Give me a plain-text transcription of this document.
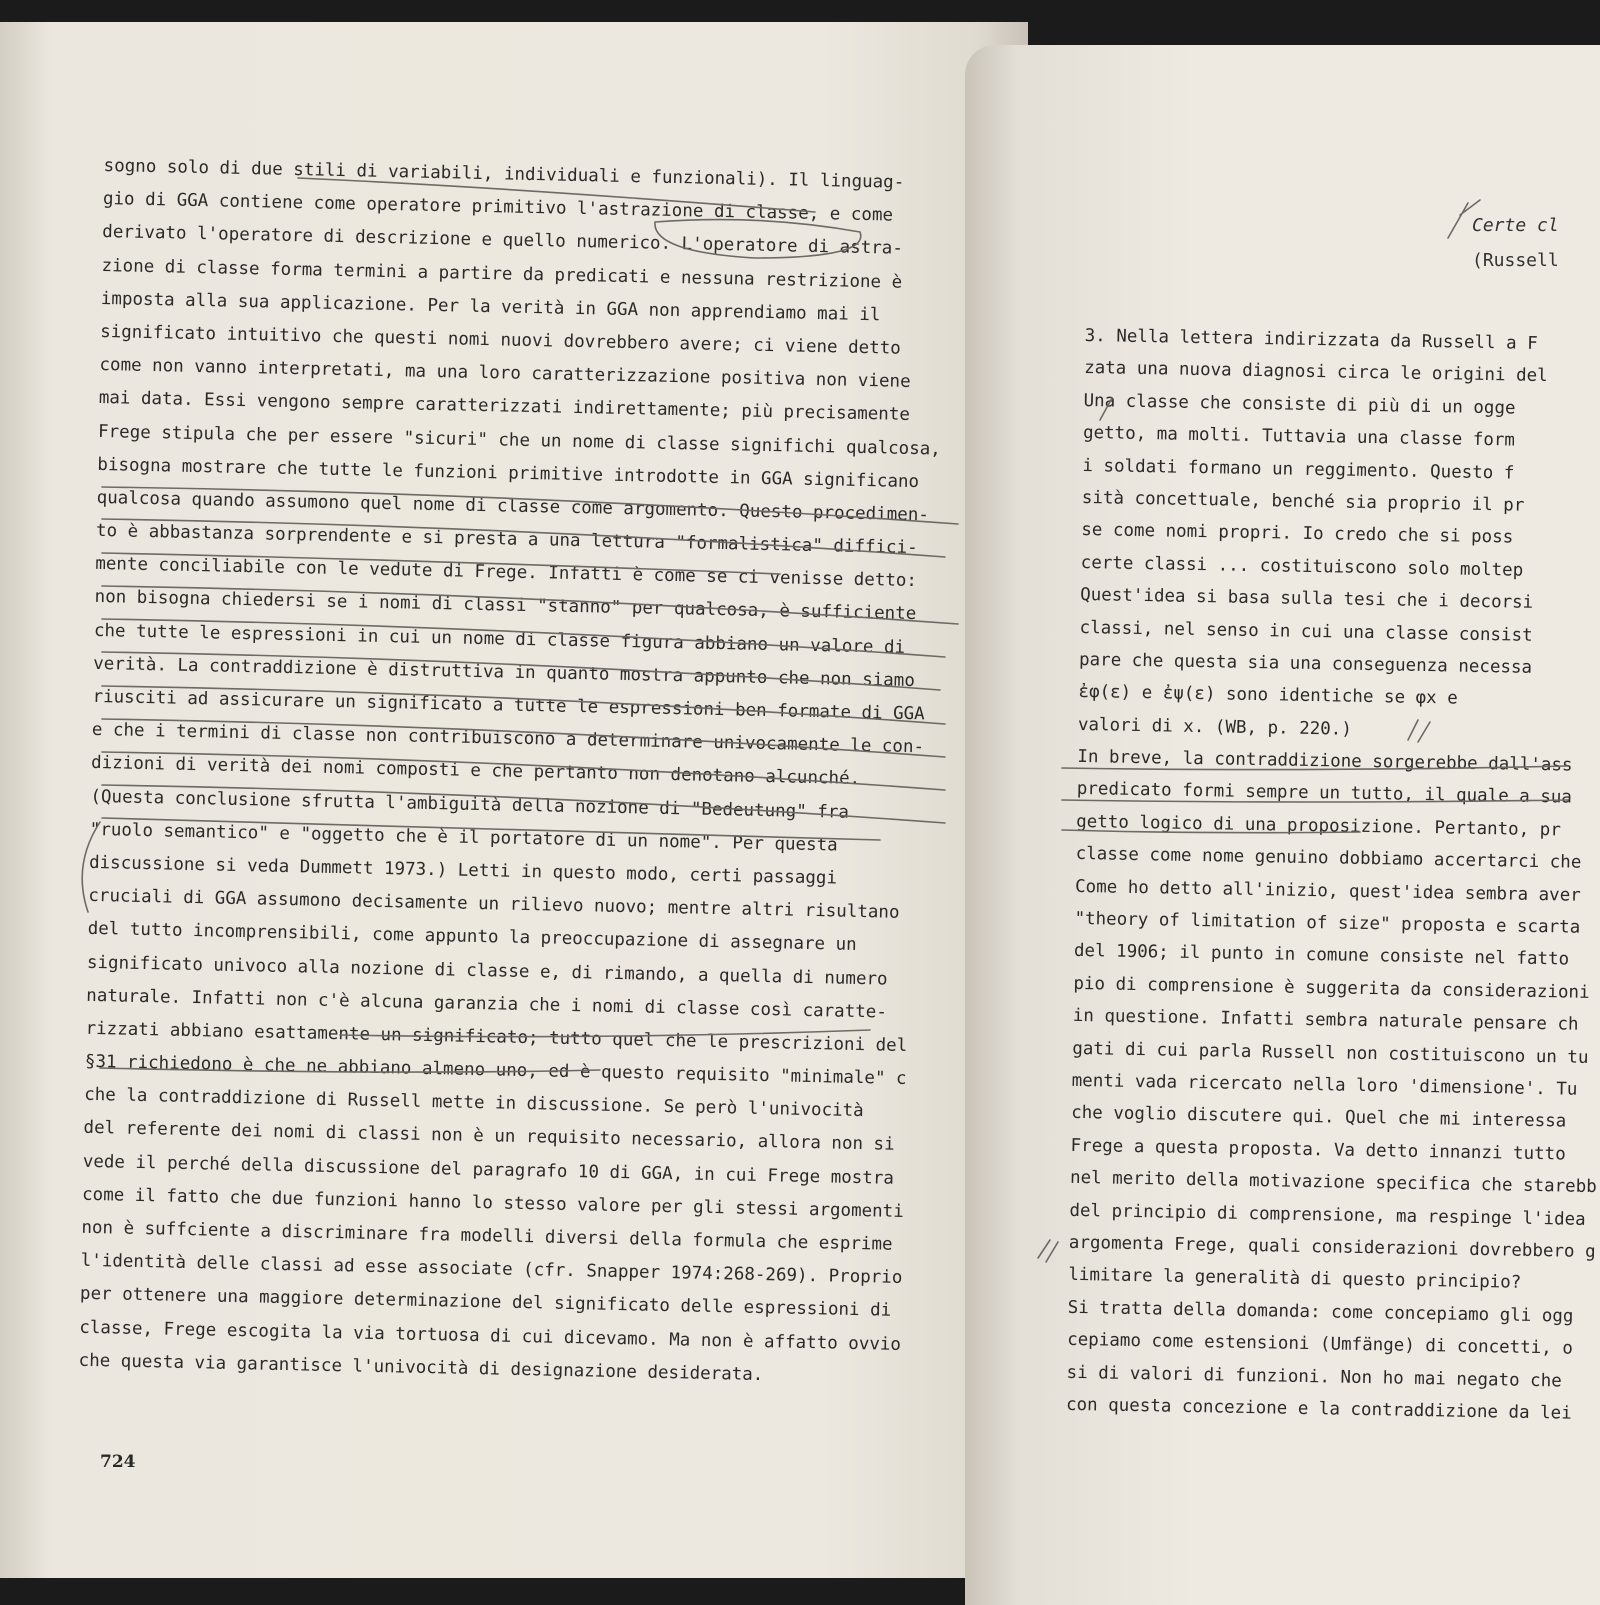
sogno solo di due stili di variabili, individuali e funzionali). Il linguag-
gio di GGA contiene come operatore primitivo l'astrazione di classe, e come
derivato l'operatore di descrizione e quello numerico. L'operatore di astra-
zione di classe forma termini a partire da predicati e nessuna restrizione è
imposta alla sua applicazione. Per la verità in GGA non apprendiamo mai il
significato intuitivo che questi nomi nuovi dovrebbero avere; ci viene detto
come non vanno interpretati, ma una loro caratterizzazione positiva non viene
mai data. Essi vengono sempre caratterizzati indirettamente; più precisamente
Frege stipula che per essere "sicuri" che un nome di classe significhi qualcosa,
bisogna mostrare che tutte le funzioni primitive introdotte in GGA significano
qualcosa quando assumono quel nome di classe come argomento. Questo procedimen-
to è abbastanza sorprendente e si presta a una lettura "formalistica" diffici-
mente conciliabile con le vedute di Frege. Infatti è come se ci venisse detto:
non bisogna chiedersi se i nomi di classi "stanno" per qualcosa, è sufficiente
che tutte le espressioni in cui un nome di classe figura abbiano un valore di
verità. La contraddizione è distruttiva in quanto mostra appunto che non siamo
riusciti ad assicurare un significato a tutte le espressioni ben formate di GGA
e che i termini di classe non contribuiscono a determinare univocamente le con-
dizioni di verità dei nomi composti e che pertanto non denotano alcunché.
(Questa conclusione sfrutta l'ambiguità della nozione di "Bedeutung" fra
"ruolo semantico" e "oggetto che è il portatore di un nome". Per questa
discussione si veda Dummett 1973.) Letti in questo modo, certi passaggi
cruciali di GGA assumono decisamente un rilievo nuovo; mentre altri risultano
del tutto incomprensibili, come appunto la preoccupazione di assegnare un
significato univoco alla nozione di classe e, di rimando, a quella di numero
naturale. Infatti non c'è alcuna garanzia che i nomi di classe così caratte-
rizzati abbiano esattamente un significato; tutto quel che le prescrizioni del
§31 richiedono è che ne abbiano almeno uno, ed è questo requisito "minimale" c
che la contraddizione di Russell mette in discussione. Se però l'univocità
del referente dei nomi di classi non è un requisito necessario, allora non si
vede il perché della discussione del paragrafo 10 di GGA, in cui Frege mostra
come il fatto che due funzioni hanno lo stesso valore per gli stessi argomenti
non è suffciente a discriminare fra modelli diversi della formula che esprime
l'identità delle classi ad esse associate (cfr. Snapper 1974:268-269). Proprio
per ottenere una maggiore determinazione del significato delle espressioni di
classe, Frege escogita la via tortuosa di cui dicevamo. Ma non è affatto ovvio
che questa via garantisce l'univocità di designazione desiderata.
724
Certe cl
(Russell
3. Nella lettera indirizzata da Russell a F
zata una nuova diagnosi circa le origini del
Una classe che consiste di più di un ogge
getto, ma molti. Tuttavia una classe form
i soldati formano un reggimento. Questo f
sità concettuale, benché sia proprio il pr
se come nomi propri. Io credo che si poss
certe classi ... costituiscono solo moltep
Quest'idea si basa sulla tesi che i decorsi
classi, nel senso in cui una classe consist
pare che questa sia una conseguenza necessa
ἐφ(ε) e ἐψ(ε) sono identiche se φx e
valori di x. (WB, p. 220.)
In breve, la contraddizione sorgerebbe dall'ass
predicato formi sempre un tutto, il quale a sua
getto logico di una proposizione. Pertanto, pr
classe come nome genuino dobbiamo accertarci che
Come ho detto all'inizio, quest'idea sembra aver
"theory of limitation of size" proposta e scarta
del 1906; il punto in comune consiste nel fatto
pio di comprensione è suggerita da considerazioni
in questione. Infatti sembra naturale pensare ch
gati di cui parla Russell non costituiscono un tu
menti vada ricercato nella loro 'dimensione'. Tu
che voglio discutere qui. Quel che mi interessa
Frege a questa proposta. Va detto innanzi tutto
nel merito della motivazione specifica che starebb
del principio di comprensione, ma respinge l'idea
argomenta Frege, quali considerazioni dovrebbero g
limitare la generalità di questo principio?
Si tratta della domanda: come concepiamo gli ogg
cepiamo come estensioni (Umfänge) di concetti, o
si di valori di funzioni. Non ho mai negato che
con questa concezione e la contraddizione da lei
